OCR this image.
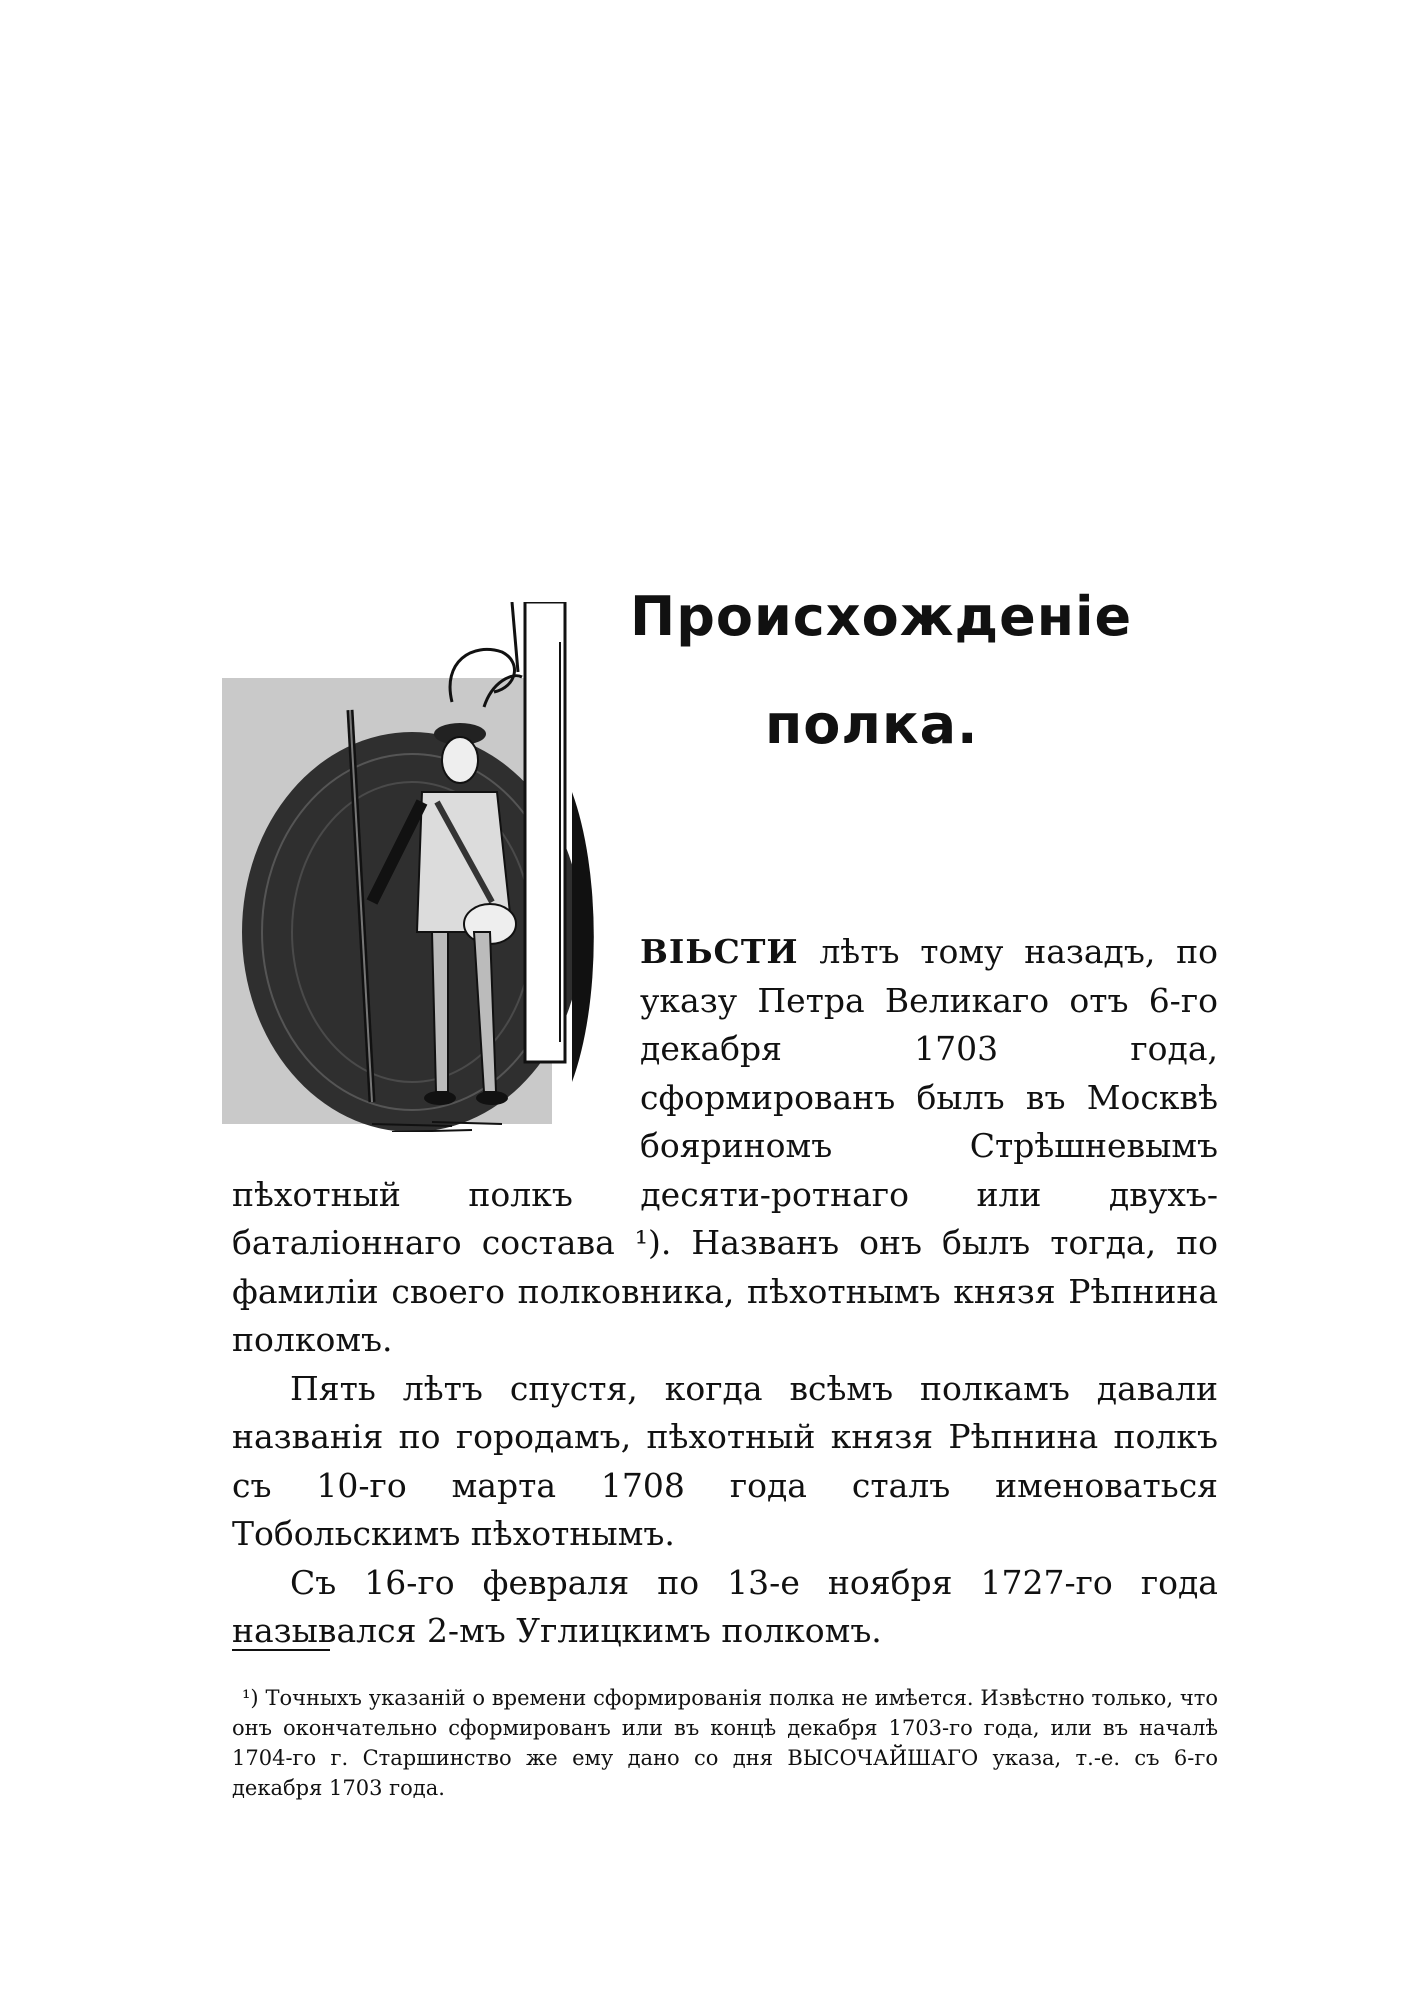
Происхожденіе
полка.

ВІЬСТИ лѣтъ тому назадъ, по указу Петра Великаго отъ 6-го декабря 1703 года, сформированъ былъ въ Москвѣ бояриномъ Стрѣшневымъ пѣхотный полкъ десяти-ротнаго или двухъ-баталіоннаго состава ¹). Названъ онъ былъ тогда, по фамиліи своего полковника, пѣхотнымъ князя Рѣпнина полкомъ.

Пять лѣтъ спустя, когда всѣмъ полкамъ давали названія по городамъ, пѣхотный князя Рѣпнина полкъ съ 10-го марта 1708 года сталъ именоваться Тобольскимъ пѣхотнымъ.

Съ 16-го февраля по 13-е ноября 1727-го года назывался 2-мъ Углицкимъ полкомъ.

¹) Точныхъ указаній о времени сформированія полка не имѣется. Извѣстно только, что онъ окончательно сформированъ или въ концѣ декабря 1703-го года, или въ началѣ 1704-го г. Старшинство же ему дано со дня ВЫСОЧАЙШАГО указа, т.-е. съ 6-го декабря 1703 года.
